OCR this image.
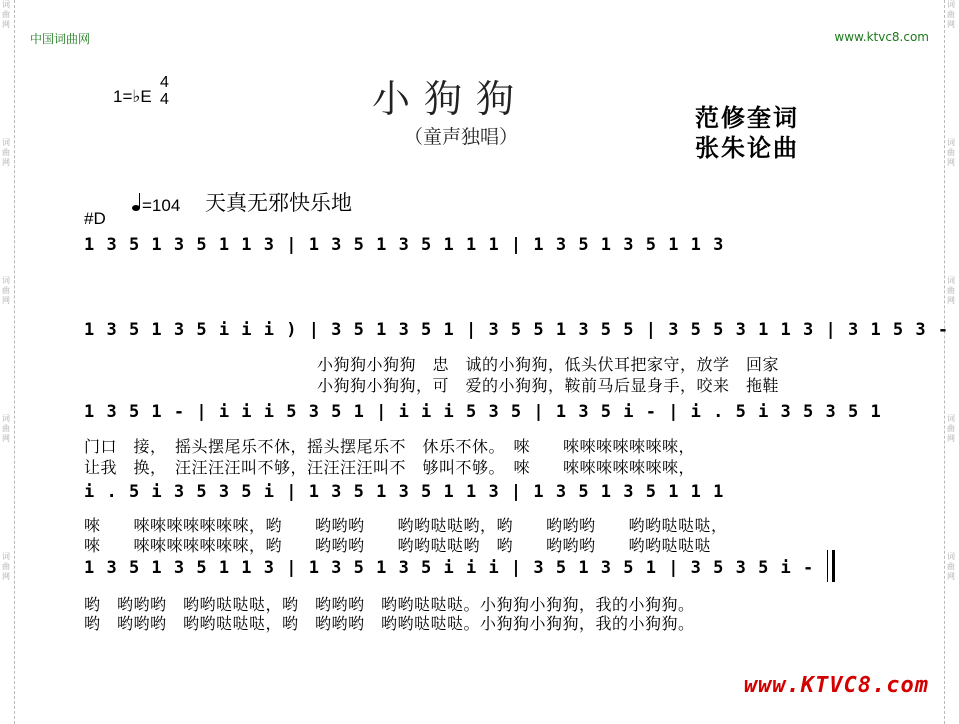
词曲网
词曲网
词曲网
词曲网
词曲网
词曲网
词曲网
词曲网
词曲网
词曲网
中国词曲网	www.ktvc8.com
1=♭E
4
4	小狗狗
（童声独唱）
范修奎词
张朱论曲
=104 天真无邪快乐地
#D
1 3 5 1 3 5 1 1 3 | 1 3 5 1 3 5 1 1 1 | 1 3 5 1 3 5 1 1 3
1 3 5 1 3 5 i i i ) | 3 5 1 3 5 1 | 3 5 5 1 3 5 5 | 3 5 5 3 1 1 3 | 3 1 5 3 -
小狗狗小狗狗　忠　诚的小狗狗，低头伏耳把家守，放学　回家
小狗狗小狗狗，可　爱的小狗狗，鞍前马后显身手，咬来　拖鞋
1 3 5 1 - | i i i 5 3 5 1 | i i i 5 3 5 | 1 3 5 i - | i . 5 i 3 5 3 5 1
门口　接，　摇头摆尾乐不休，摇头摆尾乐不　休乐不休。　唻　　唻唻唻唻唻唻唻，
让我　换，　汪汪汪汪叫不够，汪汪汪汪叫不　够叫不够。　唻　　唻唻唻唻唻唻唻，
i . 5 i 3 5 3 5 i | 1 3 5 1 3 5 1 1 3 | 1 3 5 1 3 5 1 1 1
唻　　唻唻唻唻唻唻唻，哟　　哟哟哟　　哟哟哒哒哟，哟　　哟哟哟　　哟哟哒哒哒，
唻　　唻唻唻唻唻唻唻，哟　　哟哟哟　　哟哟哒哒哟　哟　　哟哟哟　　哟哟哒哒哒
1 3 5 1 3 5 1 1 3 | 1 3 5 1 3 5 i i i | 3 5 1 3 5 1 | 3 5 3 5 i -
哟　哟哟哟　哟哟哒哒哒，哟　哟哟哟　哟哟哒哒哒。小狗狗小狗狗，我的小狗狗。
哟　哟哟哟　哟哟哒哒哒，哟　哟哟哟　哟哟哒哒哒。小狗狗小狗狗，我的小狗狗。
www.KTVC8.com
